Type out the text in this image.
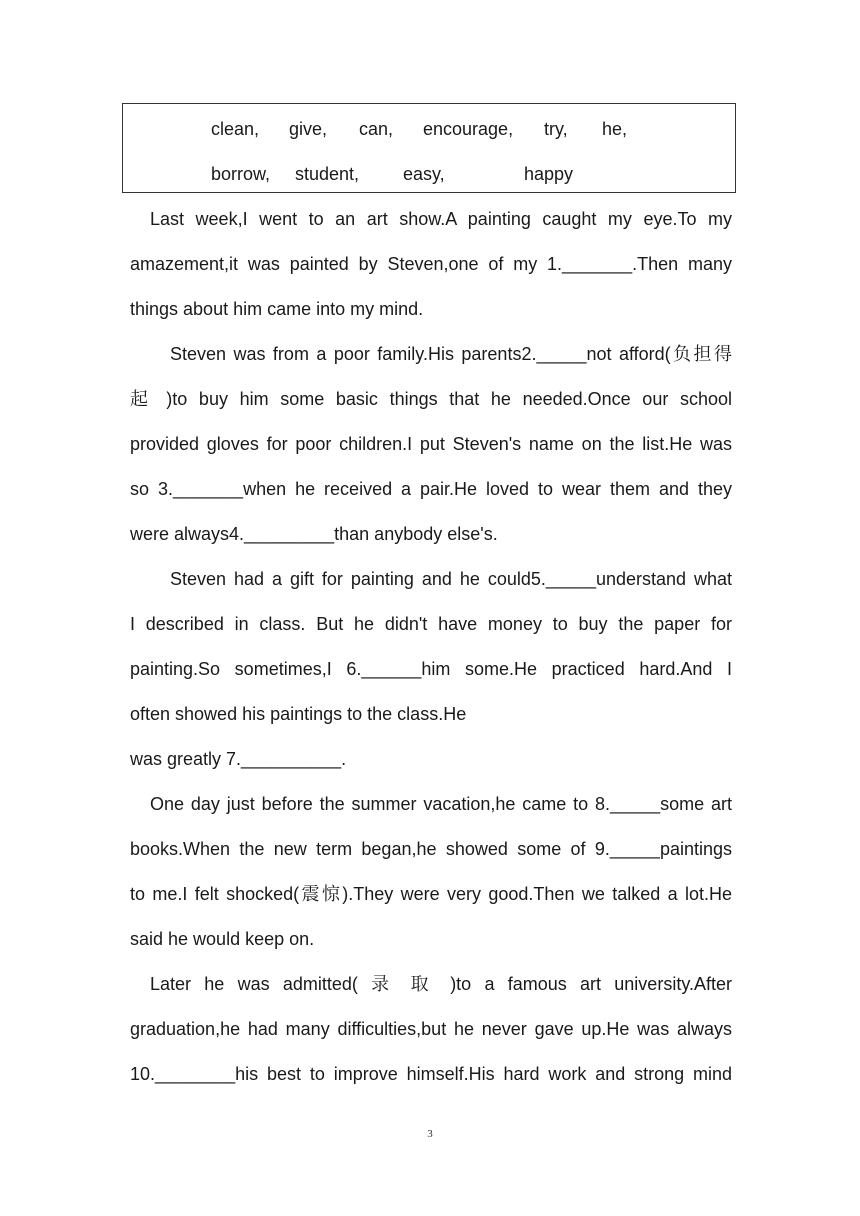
clean, give, can, encourage, try, he,
borrow, student, easy,	happy
Last week,I went to an art show.A painting caught my eye.To my
amazement,it was painted by Steven,one of my 1._______.Then many
things about him came into my mind.
Steven was from a poor family.His parents2._____not afford(负担得
起 )to buy him some basic things that he needed.Once our school
provided gloves for poor children.I put Steven's name on the list.He was
so 3._______when he received a pair.He loved to wear them and they
were always4._________than anybody else's.
Steven had a gift for painting and he could5._____understand what
I described in class. But he didn't have money to buy the paper for
painting.So sometimes,I 6.______him some.He practiced hard.And I
often showed his paintings to the class.He
was greatly 7.__________.
One day just before the summer vacation,he came to 8._____some art
books.When the new term began,he showed some of 9._____paintings
to me.I felt shocked(震惊).They were very good.Then we talked a lot.He
said he would keep on.
Later he was admitted( 录 取 )to a famous art university.After
graduation,he had many difficulties,but he never gave up.He was always
10.________his best to improve himself.His hard work and strong mind
3
